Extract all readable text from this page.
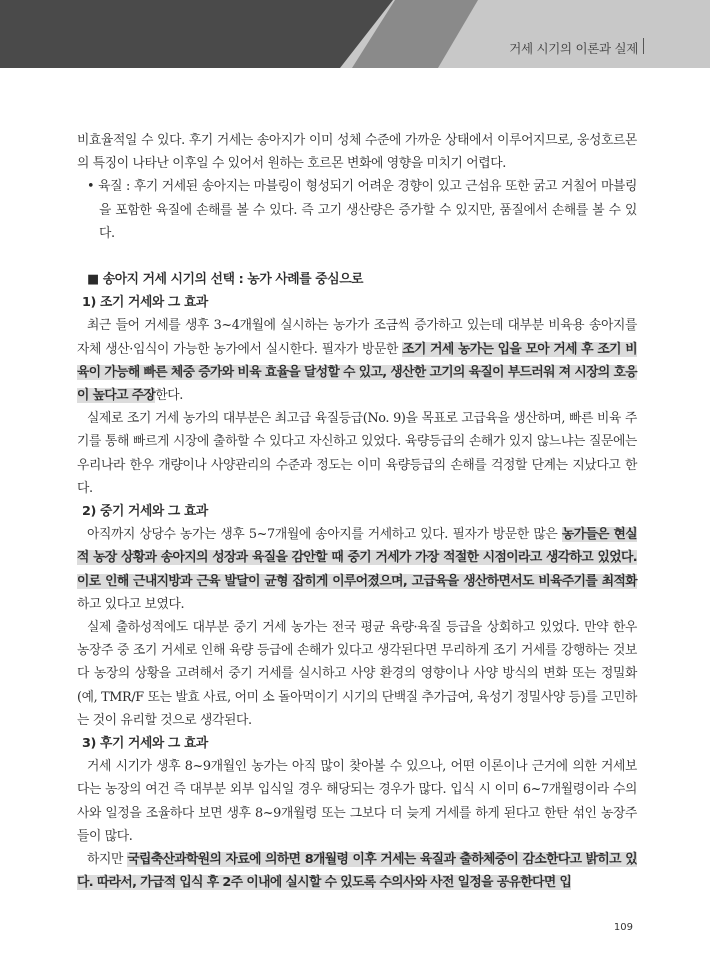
거세 시기의 이론과 실제

비효율적일 수 있다. 후기 거세는 송아지가 이미 성체 수준에 가까운 상태에서 이루어지므로, 웅성호르몬의 특징이 나타난 이후일 수 있어서 원하는 호르몬 변화에 영향을 미치기 어렵다.

• 육질 : 후기 거세된 송아지는 마블링이 형성되기 어려운 경향이 있고 근섬유 또한 굵고 거칠어 마블링을 포함한 육질에 손해를 볼 수 있다. 즉 고기 생산량은 증가할 수 있지만, 품질에서 손해를 볼 수 있다.

■ 송아지 거세 시기의 선택 : 농가 사례를 중심으로

1) 조기 거세와 그 효과

최근 들어 거세를 생후 3~4개월에 실시하는 농가가 조금씩 증가하고 있는데 대부분 비육용 송아지를 자체 생산·임식이 가능한 농가에서 실시한다. 필자가 방문한 조기 거세 농가는 입을 모아 거세 후 조기 비육이 가능해 빠른 체중 증가와 비육 효율을 달성할 수 있고, 생산한 고기의 육질이 부드러워 져 시장의 호응이 높다고 주장한다.

실제로 조기 거세 농가의 대부분은 최고급 육질등급(No. 9)을 목표로 고급육을 생산하며, 빠른 비육 주기를 통해 빠르게 시장에 출하할 수 있다고 자신하고 있었다. 육량등급의 손해가 있지 않느냐는 질문에는 우리나라 한우 개량이나 사양관리의 수준과 정도는 이미 육량등급의 손해를 걱정할 단계는 지났다고 한다.

2) 중기 거세와 그 효과

아직까지 상당수 농가는 생후 5~7개월에 송아지를 거세하고 있다. 필자가 방문한 많은 농가들은 현실적 농장 상황과 송아지의 성장과 육질을 감안할 때 중기 거세가 가장 적절한 시점이라고 생각하고 있었다. 이로 인해 근내지방과 근육 발달이 균형 잡히게 이루어졌으며, 고급육을 생산하면서도 비육주기를 최적화하고 있다고 보였다.

실제 출하성적에도 대부분 중기 거세 농가는 전국 평균 육량·육질 등급을 상회하고 있었다. 만약 한우 농장주 중 조기 거세로 인해 육량 등급에 손해가 있다고 생각된다면 무리하게 조기 거세를 강행하는 것보다 농장의 상황을 고려해서 중기 거세를 실시하고 사양 환경의 영향이나 사양 방식의 변화 또는 정밀화(예, TMR/F 또는 발효 사료, 어미 소 돌아먹이기 시기의 단백질 추가급여, 육성기 정밀사양 등)를 고민하는 것이 유리할 것으로 생각된다.

3) 후기 거세와 그 효과

거세 시기가 생후 8~9개월인 농가는 아직 많이 찾아볼 수 있으나, 어떤 이론이나 근거에 의한 거세보다는 농장의 여건 즉 대부분 외부 입식일 경우 해당되는 경우가 많다. 입식 시 이미 6~7개월령이라 수의사와 일정을 조율하다 보면 생후 8~9개월령 또는 그보다 더 늦게 거세를 하게 된다고 한탄 섞인 농장주들이 많다.

하지만 국립축산과학원의 자료에 의하면 8개월령 이후 거세는 육질과 출하체중이 감소한다고 밝히고 있다. 따라서, 가급적 입식 후 2주 이내에 실시할 수 있도록 수의사와 사전 일정을 공유한다면 입

109
